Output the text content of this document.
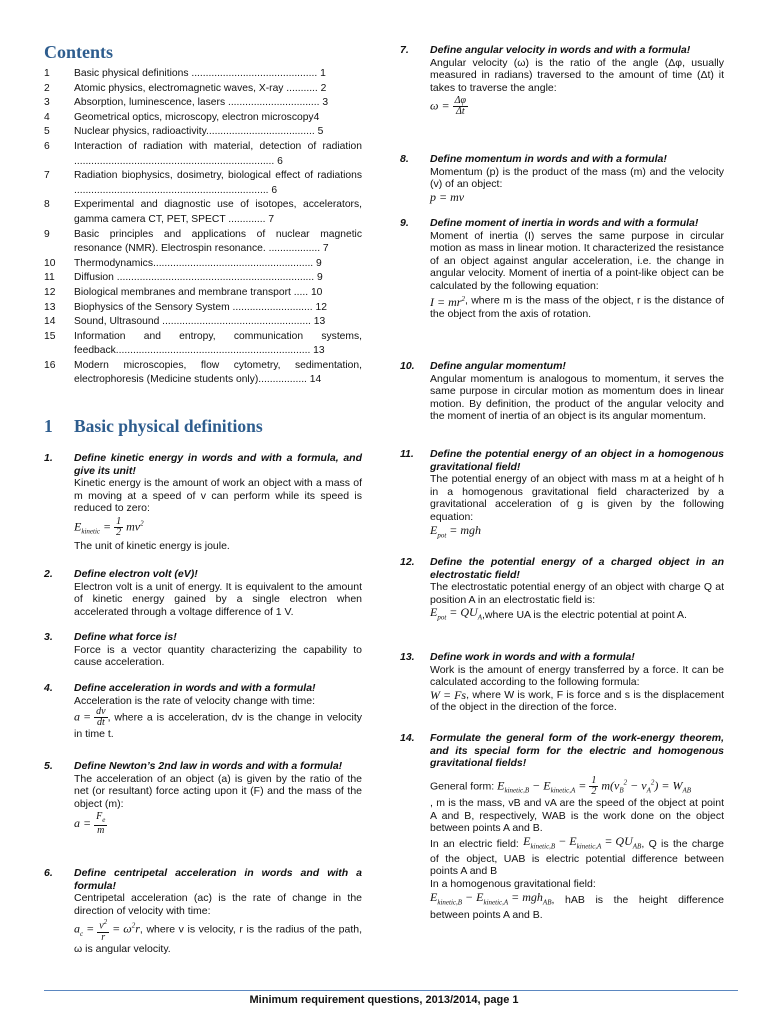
Contents
1	Basic physical definitions ............................................ 1
2	Atomic physics, electromagnetic waves, X-ray ........... 2
3	Absorption, luminescence, lasers ................................ 3
4	Geometrical optics, microscopy, electron microscopy4
5	Nuclear physics, radioactivity...................................... 5
6	Interaction of radiation with material, detection of radiation ...................................................................... 6
7	Radiation biophysics, dosimetry, biological effect of radiations .................................................................... 6
8	Experimental and diagnostic use of isotopes, accelerators, gamma camera CT, PET, SPECT ............. 7
9	Basic principles and applications of nuclear magnetic resonance (NMR). Electrospin resonance. .................. 7
10	Thermodynamics........................................................ 9
11	Diffusion ..................................................................... 9
12	Biological membranes and membrane transport ..... 10
13	Biophysics of the Sensory System ............................ 12
14	Sound, Ultrasound .................................................... 13
15	Information and entropy, communication systems, feedback.................................................................... 13
16	Modern microscopies, flow cytometry, sedimentation, electrophoresis (Medicine students only)................. 14
1 Basic physical definitions
1. Define kinetic energy in words and with a formula, and give its unit!
Kinetic energy is the amount of work an object with a mass of m moving at a speed of v can perform while its speed is reduced to zero:
$E_{kinetic} = \frac{1}{2} mv^2$
The unit of kinetic energy is joule.
2. Define electron volt (eV)!
Electron volt is a unit of energy. It is equivalent to the amount of kinetic energy gained by a single electron when accelerated through a voltage difference of 1 V.
3. Define what force is!
Force is a vector quantity characterizing the capability to cause acceleration.
4. Define acceleration in words and with a formula!
Acceleration is the rate of velocity change with time:
$a = \frac{dv}{dt}$ , where a is acceleration, dv is the change in velocity in time t.
5. Define Newton’s 2nd law in words and with a formula!
The acceleration of an object (a) is given by the ratio of the net (or resultant) force acting upon it (F) and the mass of the object (m):
$a = \frac{F_e}{m}$
6. Define centripetal acceleration in words and with a formula!
Centripetal acceleration (ac) is the rate of change in the direction of velocity with time:
$a_c = \frac{v^2}{r} = \omega^2r$, where v is velocity, r is the radius of the path, ω is angular velocity.
7. Define angular velocity in words and with a formula!
Angular velocity (ω) is the ratio of the angle (Δφ, usually measured in radians) traversed to the amount of time (Δt) it takes to traverse the angle:
$\omega = \frac{\Delta\varphi}{\Delta t}$
8. Define momentum in words and with a formula!
Momentum (p) is the product of the mass (m) and the velocity (v) of an object:
p = mv
9. Define moment of inertia in words and with a formula!
Moment of inertia (I) serves the same purpose in circular motion as mass in linear motion. It characterized the resistance of an object against angular acceleration, i.e. the change in angular velocity. Moment of inertia of a point-like object can be calculated by the following equation:
$I = mr^2$, where m is the mass of the object, r is the distance of the object from the axis of rotation.
10. Define angular momentum!
Angular momentum is analogous to momentum, it serves the same purpose in circular motion as momentum does in linear motion. By definition, the product of the angular velocity and the moment of inertia of an object is its angular momentum.
11. Define the potential energy of an object in a homogenous gravitational field!
The potential energy of an object with mass m at a height of h in a homogenous gravitational field characterized by a gravitational acceleration of g is given by the following equation:
$E_{pot}$ = mgh
12. Define the potential energy of a charged object in an electrostatic field!
The electrostatic potential energy of an object with charge Q at position A in an electrostatic field is:
$E_{pot}$ = $QU_A,where$ UA is the electric potential at point A.
13. Define work in words and with a formula!
Work is the amount of energy transferred by a force. It can be calculated according to the following formula:
W = Fs, where W is work, F is force and s is the displacement of the object in the direction of the force.
14. Formulate the general form of the work-energy theorem, and its special form for the electric and homogenous gravitational fields!
General form: $E_{kinetic,B} - E_{kinetic,A} = \frac{1}{2} m(v_B^2 - v_A^2) = W_{AB}$
, m is the mass, vB and vA are the speed of the object at point A and B, respectively, WAB is the work done on the object between points A and B.
In an electric field: $E_{kinetic,B} - E_{kinetic,A} = QU_{AB}$, Q is the charge of the object, UAB is electric potential difference between points A and B
In a homogenous gravitational field:
$E_{kinetic,B} - E_{kinetic,A} = mgh_{AB}$, hAB is the height difference between points A and B.
Minimum requirement questions, 2013/2014, page 1
